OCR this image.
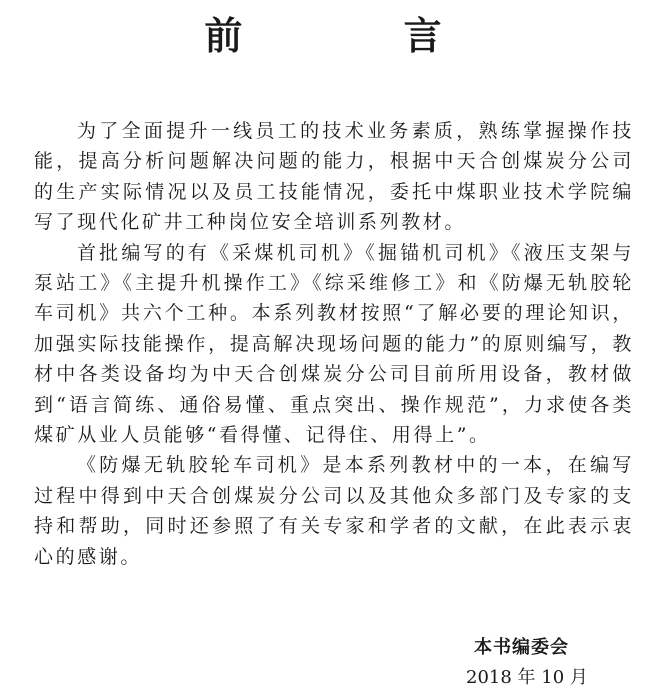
前 言

为了全面提升一线员工的技术业务素质，熟练掌握操作技能，提高分析问题解决问题的能力，根据中天合创煤炭分公司的生产实际情况以及员工技能情况，委托中煤职业技术学院编写了现代化矿井工种岗位安全培训系列教材。

首批编写的有《采煤机司机》《掘锚机司机》《液压支架与泵站工》《主提升机操作工》《综采维修工》和《防爆无轨胶轮车司机》共六个工种。本系列教材按照“了解必要的理论知识，加强实际技能操作，提高解决现场问题的能力”的原则编写，教材中各类设备均为中天合创煤炭分公司目前所用设备，教材做到“语言简练、通俗易懂、重点突出、操作规范”，力求使各类煤矿从业人员能够“看得懂、记得住、用得上”。

《防爆无轨胶轮车司机》是本系列教材中的一本，在编写过程中得到中天合创煤炭分公司以及其他众多部门及专家的支持和帮助，同时还参照了有关专家和学者的文献，在此表示衷心的感谢。

本书编委会
2018 年 10 月
